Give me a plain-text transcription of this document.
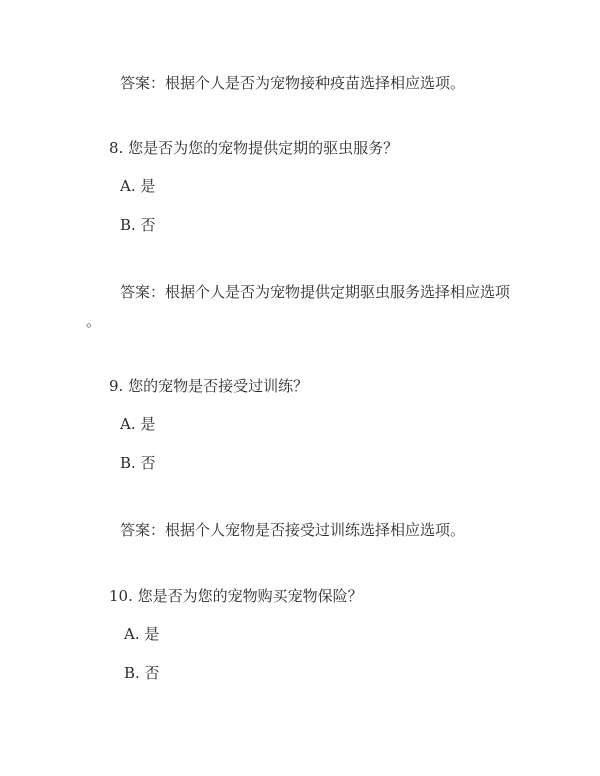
答案：根据个人是否为宠物接种疫苗选择相应选项。
8. 您是否为您的宠物提供定期的驱虫服务？
A. 是
B. 否
答案：根据个人是否为宠物提供定期驱虫服务选择相应选项
。
9. 您的宠物是否接受过训练？
A. 是
B. 否
答案：根据个人宠物是否接受过训练选择相应选项。
10. 您是否为您的宠物购买宠物保险？
A. 是
B. 否
